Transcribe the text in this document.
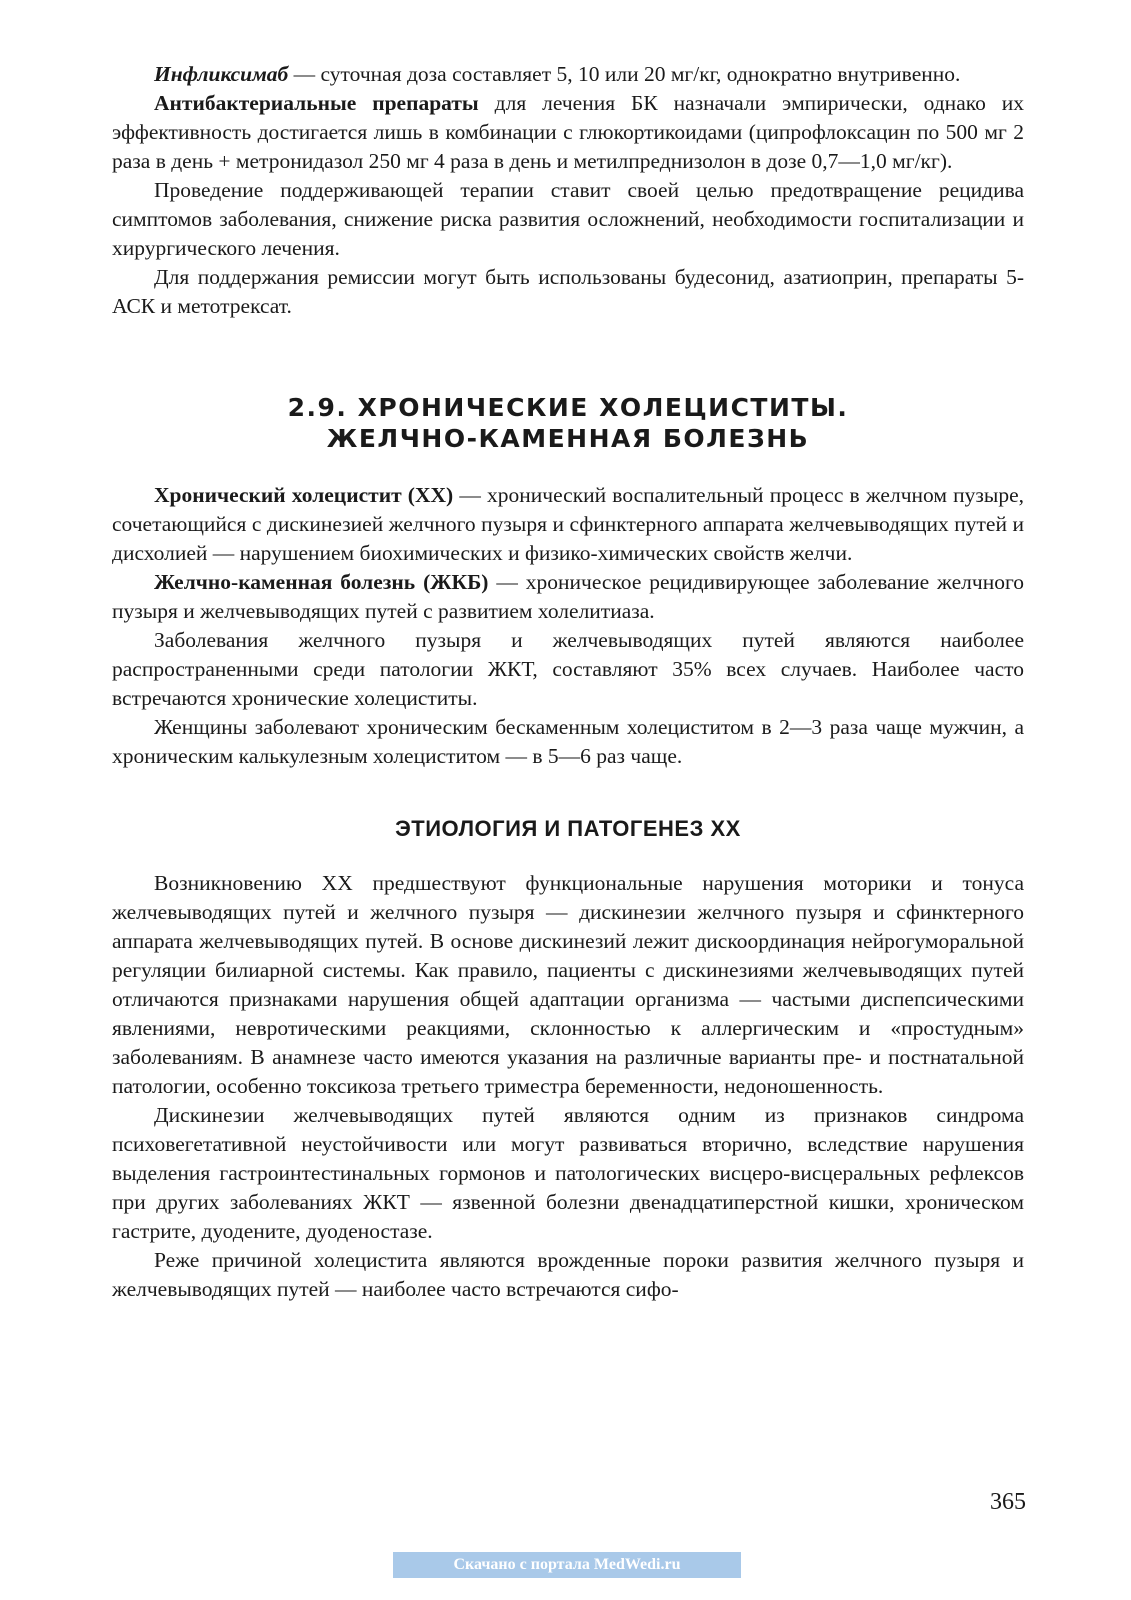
Инфликсимаб — суточная доза составляет 5, 10 или 20 мг/кг, однократно внутривенно.

Антибактериальные препараты для лечения БК назначали эмпирически, однако их эффективность достигается лишь в комбинации с глюкортикоидами (ципрофлоксацин по 500 мг 2 раза в день + метронидазол 250 мг 4 раза в день и метилпреднизолон в дозе 0,7—1,0 мг/кг).

Проведение поддерживающей терапии ставит своей целью предотвращение рецидива симптомов заболевания, снижение риска развития осложнений, необходимости госпитализации и хирургического лечения.

Для поддержания ремиссии могут быть использованы будесонид, азатиоприн, препараты 5-АСК и метотрексат.

2.9. ХРОНИЧЕСКИЕ ХОЛЕЦИСТИТЫ.
ЖЕЛЧНО-КАМЕННАЯ БОЛЕЗНЬ

Хронический холецистит (ХХ) — хронический воспалительный процесс в желчном пузыре, сочетающийся с дискинезией желчного пузыря и сфинктерного аппарата желчевыводящих путей и дисхолией — нарушением биохимических и физико-химических свойств желчи.

Желчно-каменная болезнь (ЖКБ) — хроническое рецидивирующее заболевание желчного пузыря и желчевыводящих путей с развитием холелитиаза.

Заболевания желчного пузыря и желчевыводящих путей являются наиболее распространенными среди патологии ЖКТ, составляют 35% всех случаев. Наиболее часто встречаются хронические холециститы.

Женщины заболевают хроническим бескаменным холециститом в 2—3 раза чаще мужчин, а хроническим калькулезным холециститом — в 5—6 раз чаще.

ЭТИОЛОГИЯ И ПАТОГЕНЕЗ ХХ

Возникновению ХХ предшествуют функциональные нарушения моторики и тонуса желчевыводящих путей и желчного пузыря — дискинезии желчного пузыря и сфинктерного аппарата желчевыводящих путей. В основе дискинезий лежит дискоординация нейрогуморальной регуляции билиарной системы. Как правило, пациенты с дискинезиями желчевыводящих путей отличаются признаками нарушения общей адаптации организма — частыми диспепсическими явлениями, невротическими реакциями, склонностью к аллергическим и «простудным» заболеваниям. В анамнезе часто имеются указания на различные варианты пре- и постнатальной патологии, особенно токсикоза третьего триместра беременности, недоношенность.

Дискинезии желчевыводящих путей являются одним из признаков синдрома психовегетативной неустойчивости или могут развиваться вторично, вследствие нарушения выделения гастроинтестинальных гормонов и патологических висцеро-висцеральных рефлексов при других заболеваниях ЖКТ — язвенной болезни двенадцатиперстной кишки, хроническом гастрите, дуодените, дуоденостазе.

Реже причиной холецистита являются врожденные пороки развития желчного пузыря и желчевыводящих путей — наиболее часто встречаются сифо-

365
Скачано с портала MedWedi.ru
